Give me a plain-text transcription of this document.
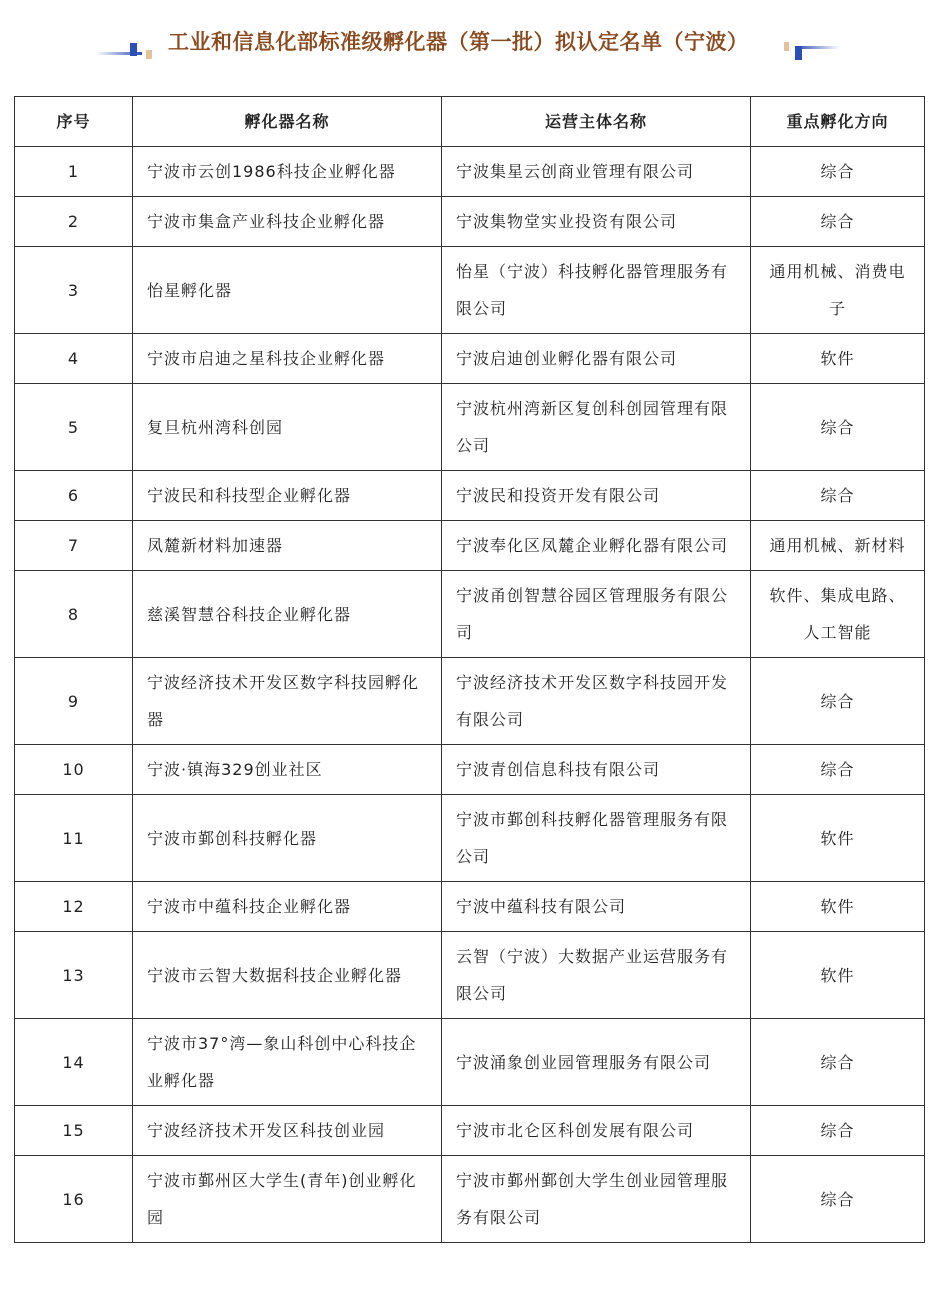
工业和信息化部标准级孵化器（第一批）拟认定名单（宁波）
序号	孵化器名称	运营主体名称	重点孵化方向
1	宁波市云创1986科技企业孵化器	宁波集星云创商业管理有限公司	综合
2	宁波市集盒产业科技企业孵化器	宁波集物堂实业投资有限公司	综合
3	怡星孵化器	怡星（宁波）科技孵化器管理服务有限公司	通用机械、消费电子
4	宁波市启迪之星科技企业孵化器	宁波启迪创业孵化器有限公司	软件
5	复旦杭州湾科创园	宁波杭州湾新区复创科创园管理有限公司	综合
6	宁波民和科技型企业孵化器	宁波民和投资开发有限公司	综合
7	凤麓新材料加速器	宁波奉化区凤麓企业孵化器有限公司	通用机械、新材料
8	慈溪智慧谷科技企业孵化器	宁波甬创智慧谷园区管理服务有限公司	软件、集成电路、人工智能
9	宁波经济技术开发区数字科技园孵化器	宁波经济技术开发区数字科技园开发有限公司	综合
10	宁波·镇海329创业社区	宁波青创信息科技有限公司	综合
11	宁波市鄞创科技孵化器	宁波市鄞创科技孵化器管理服务有限公司	软件
12	宁波市中蕴科技企业孵化器	宁波中蕴科技有限公司	软件
13	宁波市云智大数据科技企业孵化器	云智（宁波）大数据产业运营服务有限公司	软件
14	宁波市37°湾—象山科创中心科技企业孵化器	宁波涌象创业园管理服务有限公司	综合
15	宁波经济技术开发区科技创业园	宁波市北仑区科创发展有限公司	综合
16	宁波市鄞州区大学生(青年)创业孵化园	宁波市鄞州鄞创大学生创业园管理服务有限公司	综合
